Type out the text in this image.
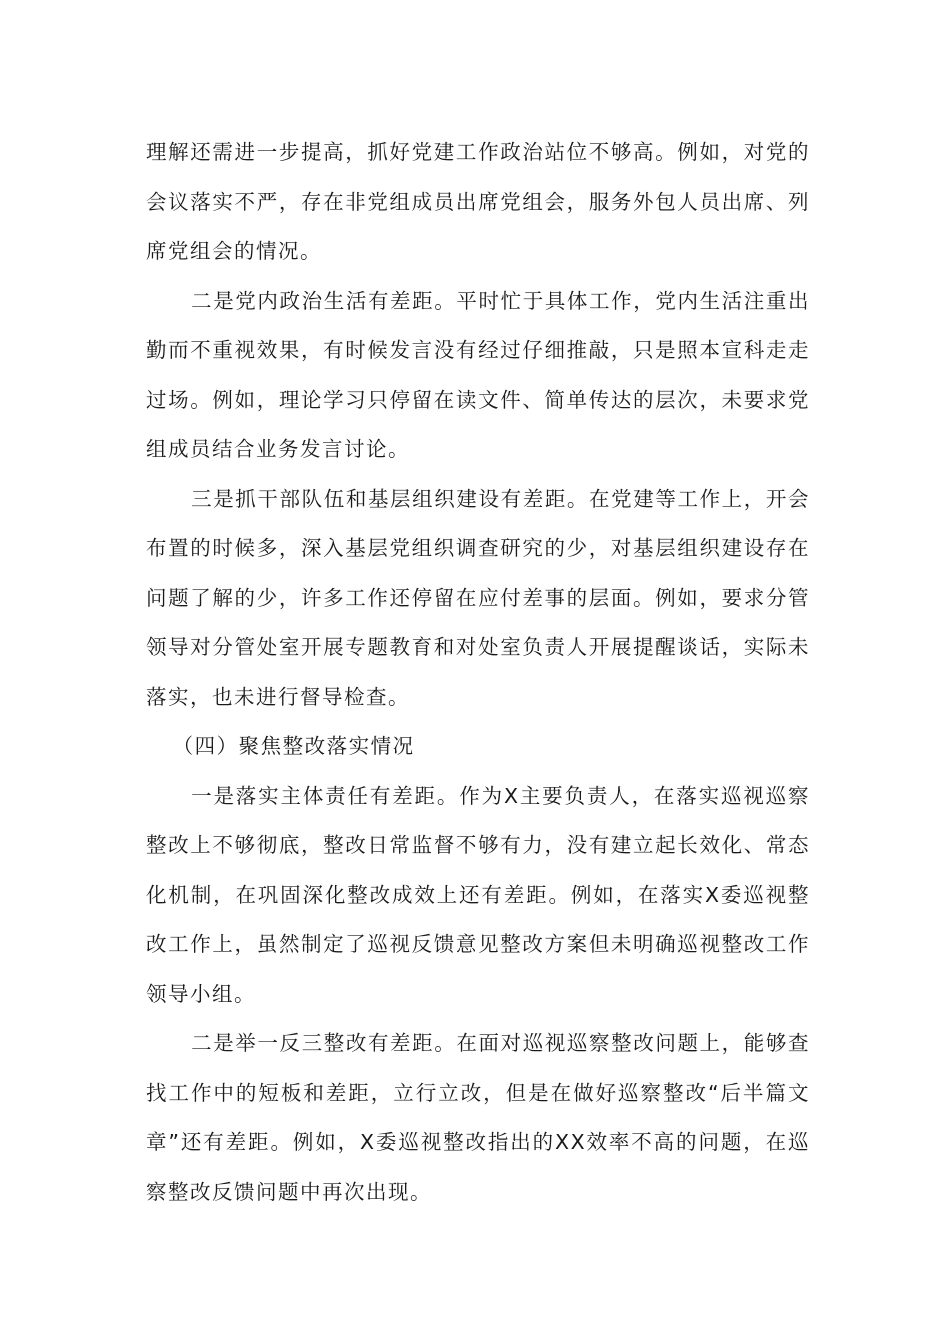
理解还需进一步提高，抓好党建工作政治站位不够高。例如，对党的会议落实不严，存在非党组成员出席党组会，服务外包人员出席、列席党组会的情况。

二是党内政治生活有差距。平时忙于具体工作，党内生活注重出勤而不重视效果，有时候发言没有经过仔细推敲，只是照本宣科走走过场。例如，理论学习只停留在读文件、简单传达的层次，未要求党组成员结合业务发言讨论。

三是抓干部队伍和基层组织建设有差距。在党建等工作上，开会布置的时候多，深入基层党组织调查研究的少，对基层组织建设存在问题了解的少，许多工作还停留在应付差事的层面。例如，要求分管领导对分管处室开展专题教育和对处室负责人开展提醒谈话，实际未落实，也未进行督导检查。

（四）聚焦整改落实情况

一是落实主体责任有差距。作为X主要负责人，在落实巡视巡察整改上不够彻底，整改日常监督不够有力，没有建立起长效化、常态化机制，在巩固深化整改成效上还有差距。例如，在落实X委巡视整改工作上，虽然制定了巡视反馈意见整改方案但未明确巡视整改工作领导小组。

二是举一反三整改有差距。在面对巡视巡察整改问题上，能够查找工作中的短板和差距，立行立改，但是在做好巡察整改“后半篇文章”还有差距。例如，X委巡视整改指出的XX效率不高的问题，在巡察整改反馈问题中再次出现。
